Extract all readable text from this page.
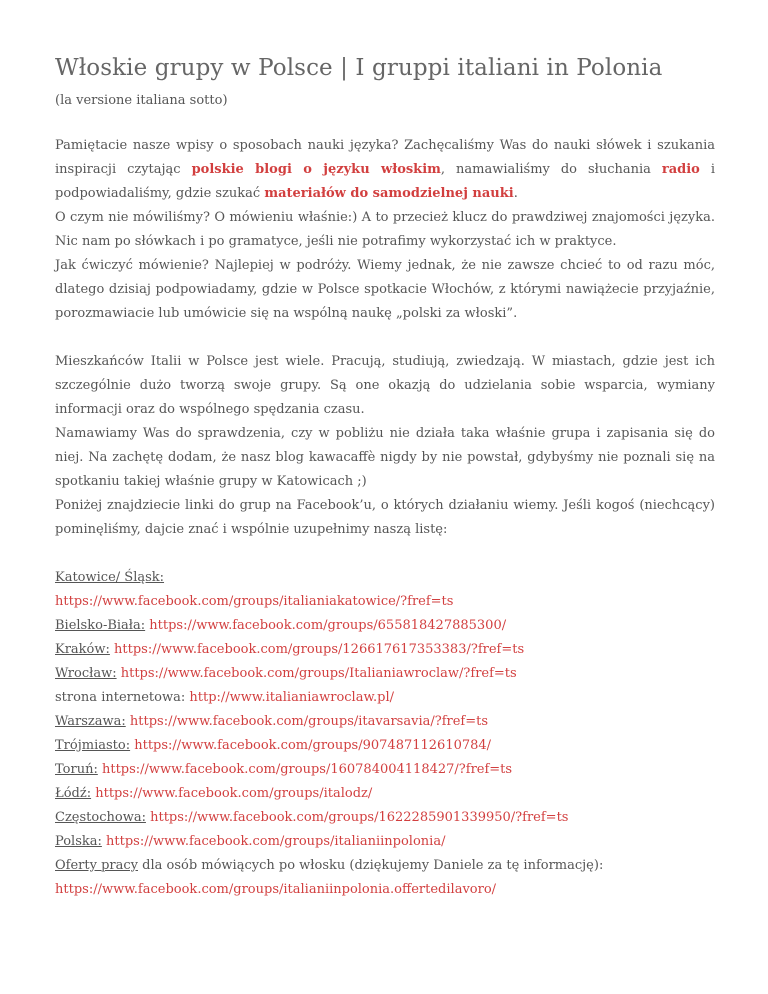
Włoskie grupy w Polsce | I gruppi italiani in Polonia
(la versione italiana sotto)

Pamiętacie nasze wpisy o sposobach nauki języka? Zachęcaliśmy Was do nauki słówek i szukania inspiracji czytając polskie blogi o języku włoskim, namawialiśmy do słuchania radio i podpowiadaliśmy, gdzie szukać materiałów do samodzielnej nauki.

O czym nie mówiliśmy? O mówieniu właśnie:) A to przecież klucz do prawdziwej znajomości języka. Nic nam po słówkach i po gramatyce, jeśli nie potrafimy wykorzystać ich w praktyce.

Jak ćwiczyć mówienie? Najlepiej w podróży. Wiemy jednak, że nie zawsze chcieć to od razu móc, dlatego dzisiaj podpowiadamy, gdzie w Polsce spotkacie Włochów, z którymi nawiążecie przyjaźnie, porozmawiacie lub umówicie się na wspólną naukę „polski za włoski”.

Mieszkańców Italii w Polsce jest wiele. Pracują, studiują, zwiedzają. W miastach, gdzie jest ich szczególnie dużo tworzą swoje grupy. Są one okazją do udzielania sobie wsparcia, wymiany informacji oraz do wspólnego spędzania czasu.

Namawiamy Was do sprawdzenia, czy w pobliżu nie działa taka właśnie grupa i zapisania się do niej. Na zachętę dodam, że nasz blog kawacaffè nigdy by nie powstał, gdybyśmy nie poznali się na spotkaniu takiej właśnie grupy w Katowicach ;)

Poniżej znajdziecie linki do grup na Facebook’u, o których działaniu wiemy. Jeśli kogoś (niechcący) pominęliśmy, dajcie znać i wspólnie uzupełnimy naszą listę:

Katowice/ Śląsk:

https://www.facebook.com/groups/italianiakatowice/?fref=ts

Bielsko-Biała: https://www.facebook.com/groups/655818427885300/

Kraków: https://www.facebook.com/groups/126617617353383/?fref=ts

Wrocław: https://www.facebook.com/groups/Italianiawroclaw/?fref=ts

strona internetowa: http://www.italianiawroclaw.pl/

Warszawa: https://www.facebook.com/groups/itavarsavia/?fref=ts

Trójmiasto: https://www.facebook.com/groups/907487112610784/

Toruń: https://www.facebook.com/groups/160784004118427/?fref=ts

Łódź: https://www.facebook.com/groups/italodz/

Częstochowa: https://www.facebook.com/groups/1622285901339950/?fref=ts

Polska: https://www.facebook.com/groups/italianiinpolonia/

Oferty pracy dla osób mówiących po włosku (dziękujemy Daniele za tę informację):

https://www.facebook.com/groups/italianiinpolonia.offertedilavoro/
